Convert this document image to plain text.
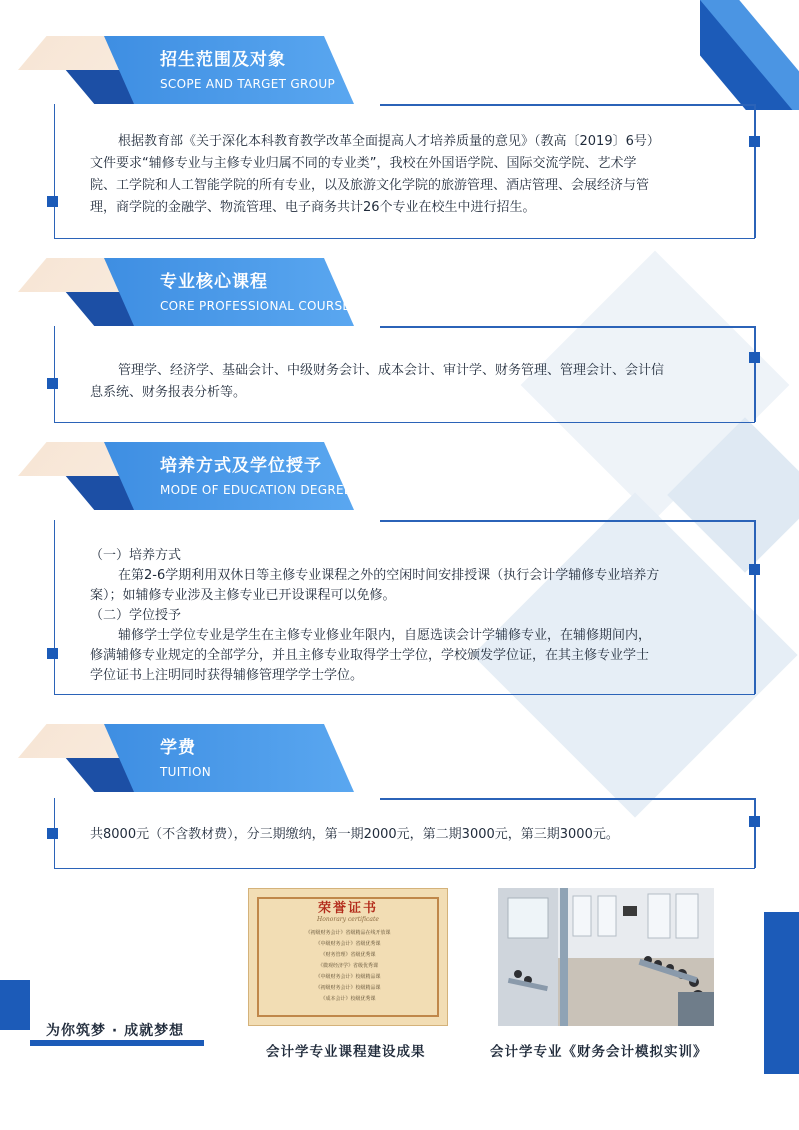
招生范围及对象
SCOPE AND TARGET GROUP
根据教育部《关于深化本科教育教学改革全面提高人才培养质量的意见》（教高〔2019〕6号）
文件要求“辅修专业与主修专业归属不同的专业类”，我校在外国语学院、国际交流学院、艺术学
院、工学院和人工智能学院的所有专业，以及旅游文化学院的旅游管理、酒店管理、会展经济与管
理，商学院的金融学、物流管理、电子商务共计26个专业在校生中进行招生。
专业核心课程
CORE PROFESSIONAL COURSES
管理学、经济学、基础会计、中级财务会计、成本会计、审计学、财务管理、管理会计、会计信
息系统、财务报表分析等。
培养方式及学位授予
MODE OF EDUCATION DEGREE AWARDING
（一）培养方式
在第2-6学期利用双休日等主修专业课程之外的空闲时间安排授课（执行会计学辅修专业培养方
案）；如辅修专业涉及主修专业已开设课程可以免修。
（二）学位授予
辅修学士学位专业是学生在主修专业修业年限内，自愿选读会计学辅修专业，在辅修期间内，
修满辅修专业规定的全部学分，并且主修专业取得学士学位，学校颁发学位证，在其主修专业学士
学位证书上注明同时获得辅修管理学学士学位。
学费
TUITION
共8000元（不含教材费），分三期缴纳，第一期2000元，第二期3000元，第三期3000元。
为你筑梦 · 成就梦想
荣誉证书
Honorary certificate
《初级财务会计》省级精品在线开放课
《中级财务会计》省级优秀课
《财务管理》省级优秀课
《微观经济学》省级优秀课
《中级财务会计》校级精品课
《初级财务会计》校级精品课
《成本会计》校级优秀课
会计学专业课程建设成果	会计学专业《财务会计模拟实训》
